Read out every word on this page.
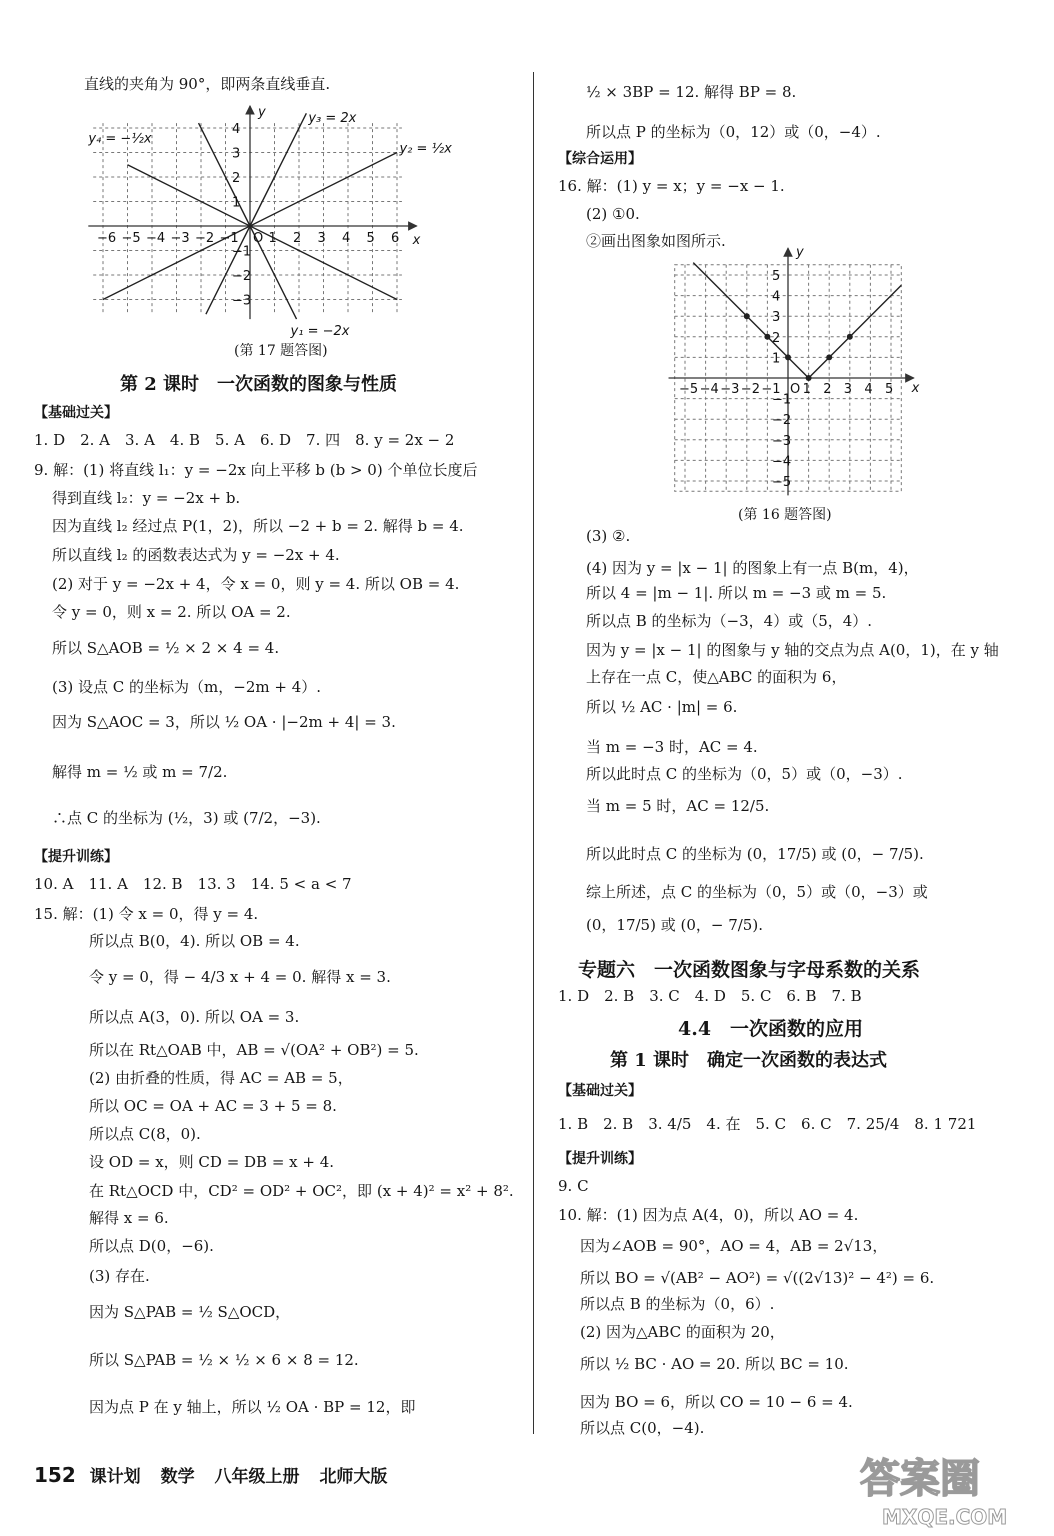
直线的夹角为 90°，即两条直线垂直.
−6 −5 −4 −3 −2 −1 O 1 2 3 4 5 6
4
3
2
1
−1
−2
−3
x
y	y₃ = 2x
y₂ = ½x
y₁ = −2x
y₄ = −½x
(第 17 题答图)
第 2 课时　一次函数的图象与性质
【基础过关】
1. D　2. A　3. A　4. B　5. A　6. D　7. 四　8. y = 2x − 2
9. 解：(1) 将直线 l₁：y = −2x 向上平移 b (b > 0) 个单位长度后
得到直线 l₂：y = −2x + b.
因为直线 l₂ 经过点 P(1，2)，所以 −2 + b = 2. 解得 b = 4.
所以直线 l₂ 的函数表达式为 y = −2x + 4.
(2) 对于 y = −2x + 4，令 x = 0，则 y = 4. 所以 OB = 4.
令 y = 0，则 x = 2. 所以 OA = 2.
所以 S△AOB = ½ × 2 × 4 = 4.
(3) 设点 C 的坐标为（m，−2m + 4）.
因为 S△AOC = 3，所以 ½ OA · |−2m + 4| = 3.
解得 m = ½ 或 m = 7/2.
∴点 C 的坐标为 (½，3) 或 (7/2，−3).
【提升训练】
10. A　11. A　12. B　13. 3　14. 5 < a < 7
15. 解：(1) 令 x = 0，得 y = 4.
所以点 B(0，4). 所以 OB = 4.
令 y = 0，得 − 4/3 x + 4 = 0. 解得 x = 3.
所以点 A(3，0). 所以 OA = 3.
所以在 Rt△OAB 中，AB = √(OA² + OB²) = 5.
(2) 由折叠的性质，得 AC = AB = 5，
所以 OC = OA + AC = 3 + 5 = 8.
所以点 C(8，0).
设 OD = x，则 CD = DB = x + 4.
在 Rt△OCD 中，CD² = OD² + OC²，即 (x + 4)² = x² + 8².
解得 x = 6.
所以点 D(0，−6).
(3) 存在.
因为 S△PAB = ½ S△OCD，
所以 S△PAB = ½ × ½ × 6 × 8 = 12.
因为点 P 在 y 轴上，所以 ½ OA · BP = 12，即
½ × 3BP = 12. 解得 BP = 8.
所以点 P 的坐标为（0，12）或（0，−4）.
【综合运用】
16. 解：(1) y = x；y = −x − 1.
(2) ①0.
②画出图象如图所示.
−5 −4 −3 −2 −1 O 1 2 3 4 5
5
4
3
2
1
−1
−2
−3
−4
−5
x
y
(第 16 题答图)
(3) ②.
(4) 因为 y = |x − 1| 的图象上有一点 B(m，4)，
所以 4 = |m − 1|. 所以 m = −3 或 m = 5.
所以点 B 的坐标为（−3，4）或（5，4）.
因为 y = |x − 1| 的图象与 y 轴的交点为点 A(0，1)，在 y 轴
上存在一点 C，使△ABC 的面积为 6，
所以 ½ AC · |m| = 6.
当 m = −3 时，AC = 4.
所以此时点 C 的坐标为（0，5）或（0，−3）.
当 m = 5 时，AC = 12/5.
所以此时点 C 的坐标为 (0，17/5) 或 (0，− 7/5).
综上所述，点 C 的坐标为（0，5）或（0，−3）或
(0，17/5) 或 (0，− 7/5).
专题六　一次函数图象与字母系数的关系
1. D　2. B　3. C　4. D　5. C　6. B　7. B
4.4　一次函数的应用
第 1 课时　确定一次函数的表达式
【基础过关】
1. B　2. B　3. 4/5　4. 在　5. C　6. C　7. 25/4　8. 1 721
【提升训练】
9. C
10. 解：(1) 因为点 A(4，0)，所以 AO = 4.
因为∠AOB = 90°，AO = 4，AB = 2√13，
所以 BO = √(AB² − AO²) = √((2√13)² − 4²) = 6.
所以点 B 的坐标为（0，6）.
(2) 因为△ABC 的面积为 20，
所以 ½ BC · AO = 20. 所以 BC = 10.
因为 BO = 6，所以 CO = 10 − 6 = 4.
所以点 C(0，−4).
152 课计划 数学 八年级上册 北师大版	答案圈
MXQE.COM
